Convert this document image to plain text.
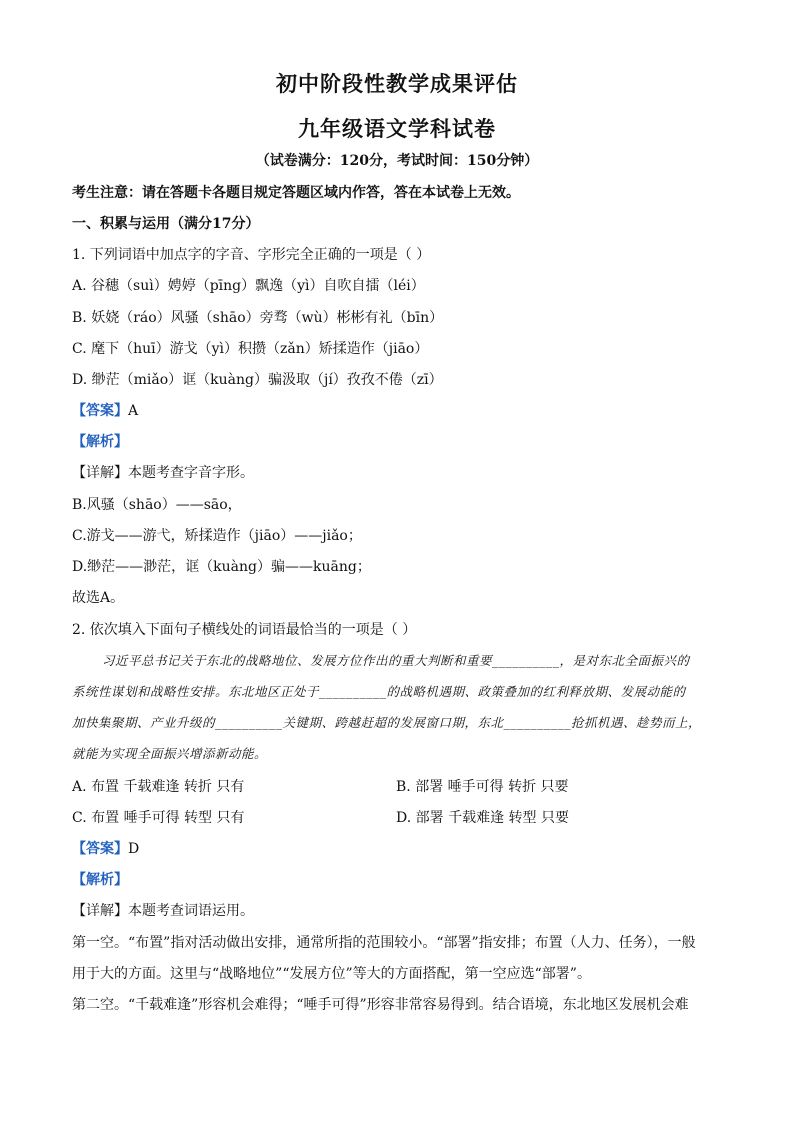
初中阶段性教学成果评估
九年级语文学科试卷
（试卷满分：120分，考试时间：150分钟）
考生注意：请在答题卡各题目规定答题区域内作答，答在本试卷上无效。
一、积累与运用（满分17分）
1. 下列词语中加点字的字音、字形完全正确的一项是（ ）
A. 谷穗（suì）娉婷（pīng）飘逸（yì）自吹自擂（léi）
B. 妖娆（ráo）风骚（shāo）旁骛（wù）彬彬有礼（bīn）
C. 麾下（huī）游戈（yì）积攒（zǎn）矫揉造作（jiāo）
D. 缈茫（miǎo）诓（kuàng）骗汲取（jí）孜孜不倦（zī）
【答案】A
【解析】
【详解】本题考查字音字形。
B.风骚（shāo）——sāo，
C.游戈——游弋，矫揉造作（jiāo）——jiǎo；
D.缈茫——渺茫，诓（kuàng）骗——kuāng；
故选A。
2. 依次填入下面句子横线处的词语最恰当的一项是（ ）
习近平总书记关于东北的战略地位、发展方位作出的重大判断和重要__________，是对东北全面振兴的
系统性谋划和战略性安排。东北地区正处于__________的战略机遇期、政策叠加的红利释放期、发展动能的
加快集聚期、产业升级的__________关键期、跨越赶超的发展窗口期，东北__________抢抓机遇、趁势而上，
就能为实现全面振兴增添新动能。
A. 布置 千载难逢 转折 只有	B. 部署 唾手可得 转折 只要
C. 布置 唾手可得 转型 只有	D. 部署 千载难逢 转型 只要
【答案】D
【解析】
【详解】本题考查词语运用。
第一空。“布置”指对活动做出安排，通常所指的范围较小。“部署”指安排；布置（人力、任务），一般
用于大的方面。这里与“战略地位”“发展方位”等大的方面搭配，第一空应选“部署”。
第二空。“千载难逢”形容机会难得；“唾手可得”形容非常容易得到。结合语境，东北地区发展机会难
